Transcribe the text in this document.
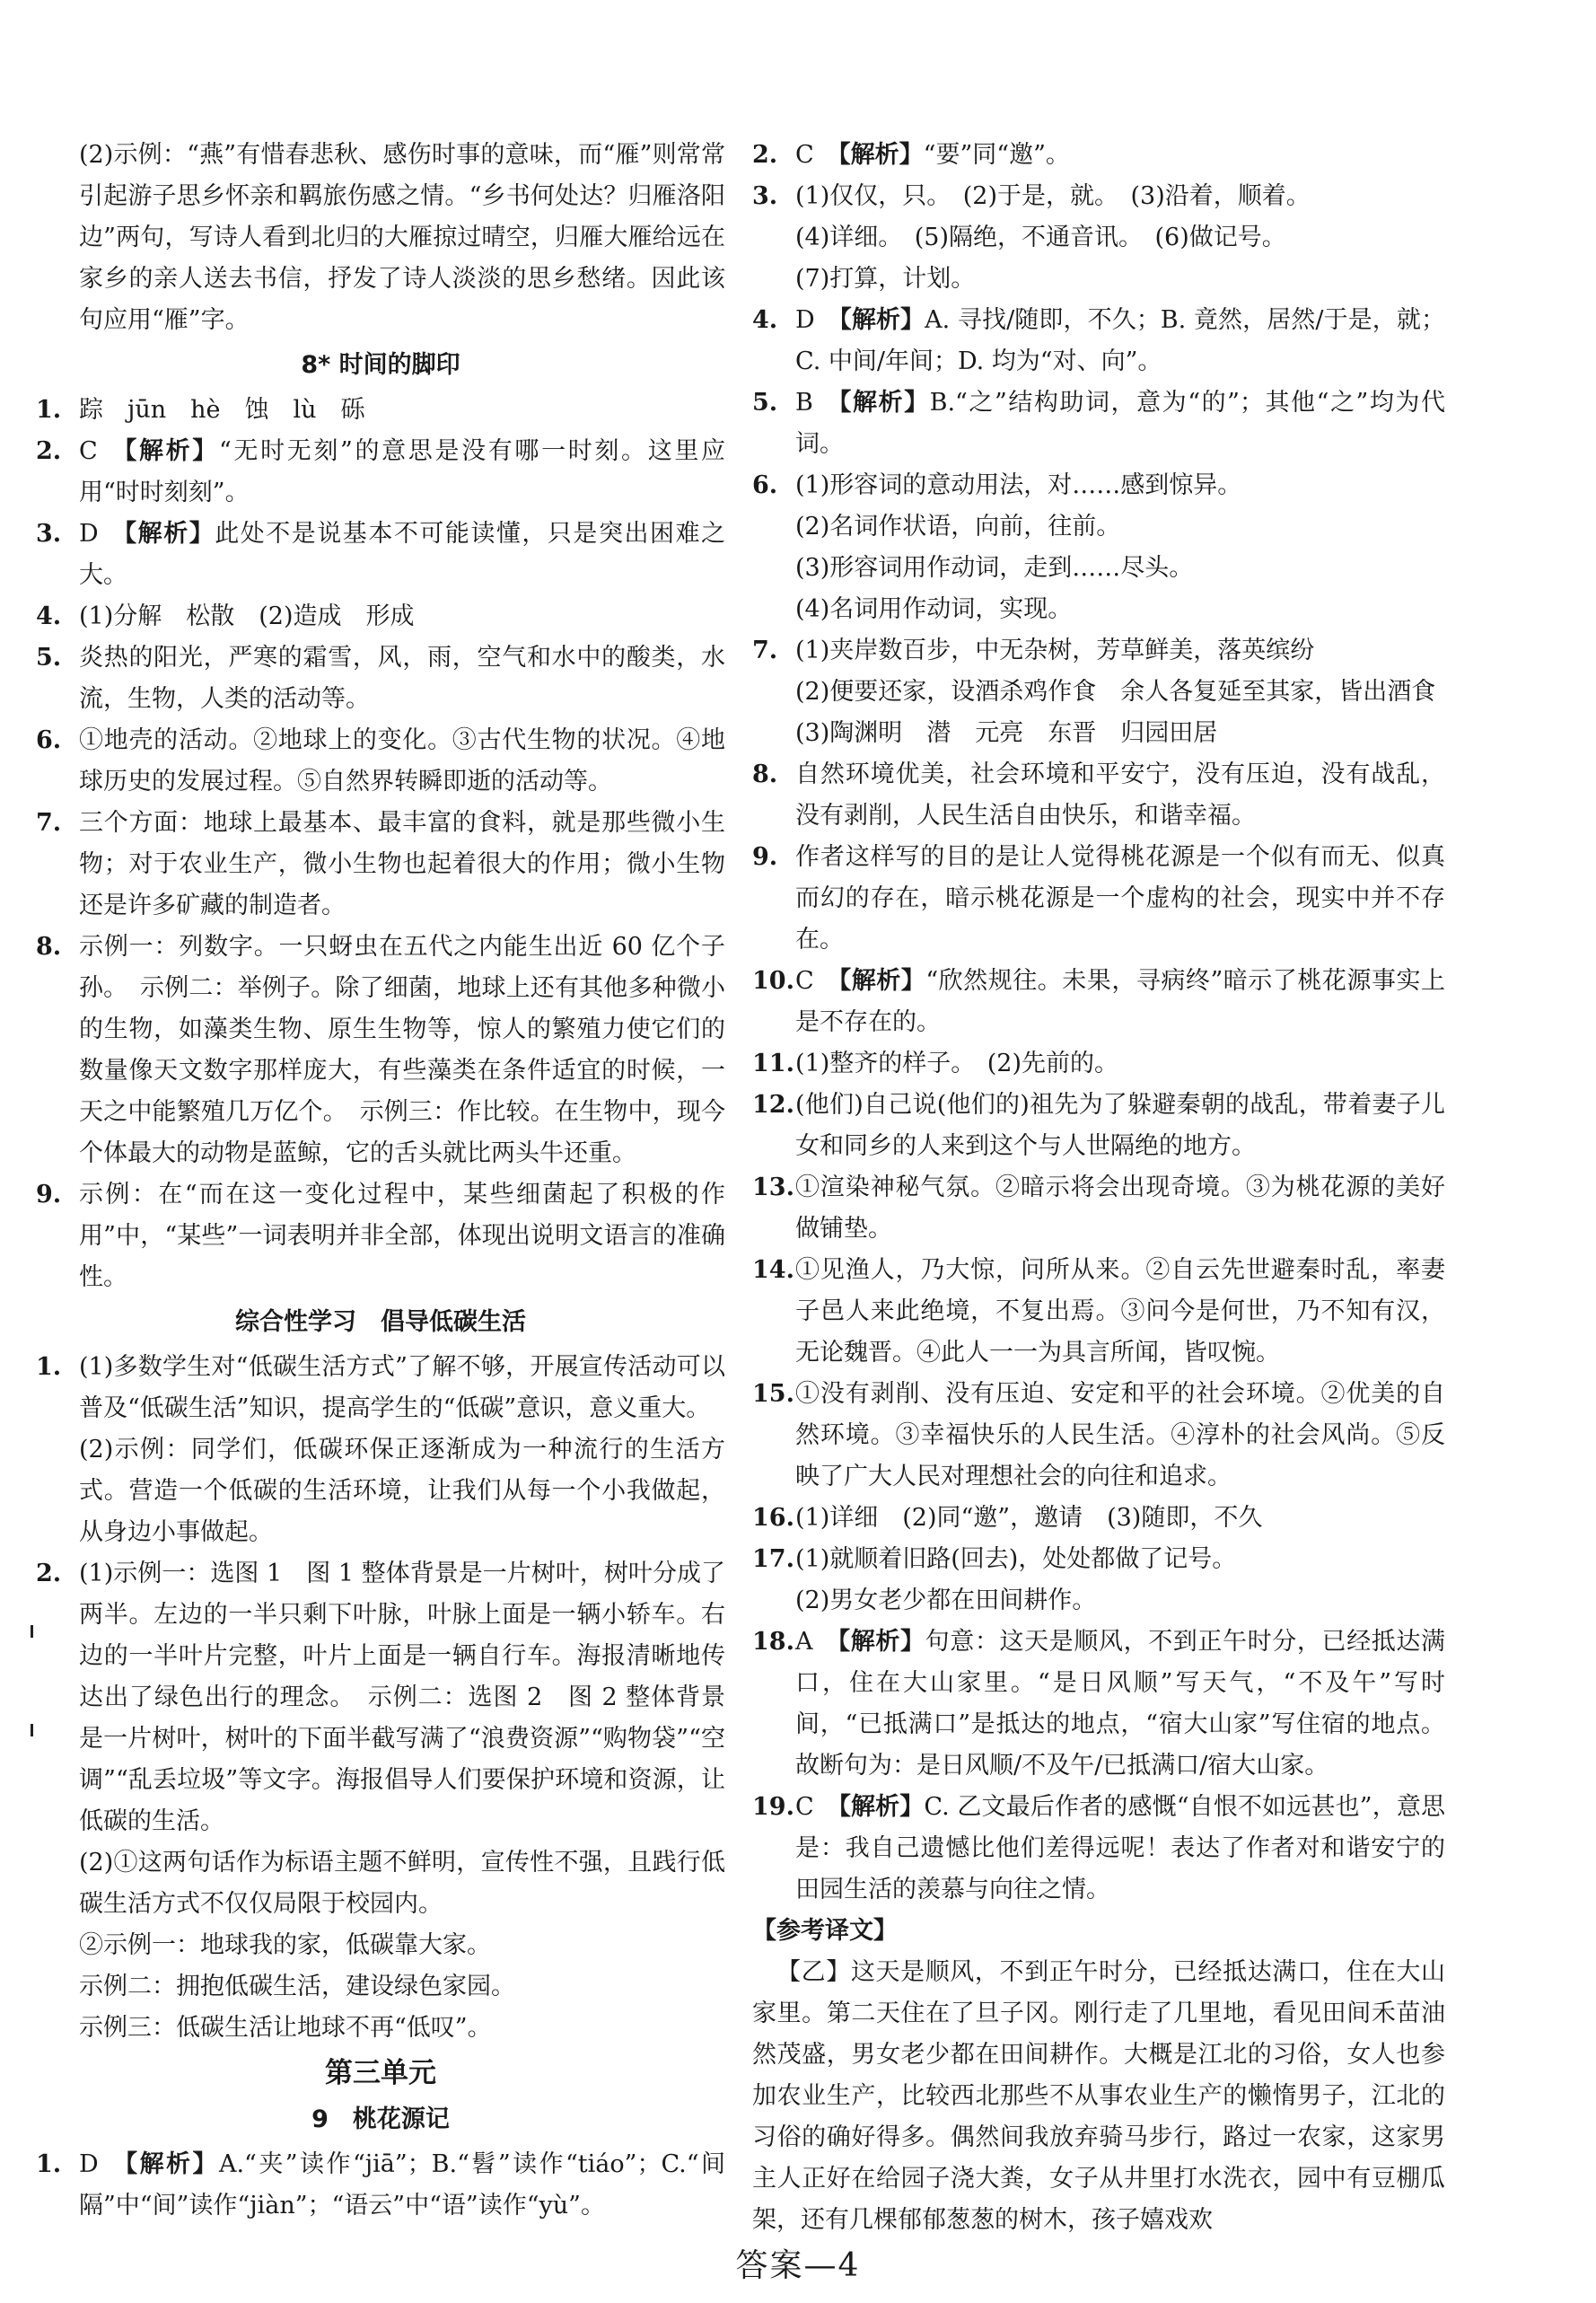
(2)示例：“燕”有惜春悲秋、感伤时事的意味，而“雁”则常常引起游子思乡怀亲和羁旅伤感之情。“乡书何处达？归雁洛阳边”两句，写诗人看到北归的大雁掠过晴空，归雁大雁给远在家乡的亲人送去书信，抒发了诗人淡淡的思乡愁绪。因此该句应用“雁”字。

8* 时间的脚印
1. 踪　jūn　hè　蚀　lù　砾
2. C 【解析】“无时无刻”的意思是没有哪一时刻。这里应用“时时刻刻”。
3. D 【解析】此处不是说基本不可能读懂，只是突出困难之大。
4. (1)分解　松散　(2)造成　形成
5. 炎热的阳光，严寒的霜雪，风，雨，空气和水中的酸类，水流，生物，人类的活动等。
6. ①地壳的活动。②地球上的变化。③古代生物的状况。④地球历史的发展过程。⑤自然界转瞬即逝的活动等。
7. 三个方面：地球上最基本、最丰富的食料，就是那些微小生物；对于农业生产，微小生物也起着很大的作用；微小生物还是许多矿藏的制造者。
8. 示例一：列数字。一只蚜虫在五代之内能生出近 60 亿个子孙。　示例二：举例子。除了细菌，地球上还有其他多种微小的生物，如藻类生物、原生生物等，惊人的繁殖力使它们的数量像天文数字那样庞大，有些藻类在条件适宜的时候，一天之中能繁殖几万亿个。　示例三：作比较。在生物中，现今个体最大的动物是蓝鲸，它的舌头就比两头牛还重。
9. 示例：在“而在这一变化过程中，某些细菌起了积极的作用”中，“某些”一词表明并非全部，体现出说明文语言的准确性。
综合性学习　倡导低碳生活
1. (1)多数学生对“低碳生活方式”了解不够，开展宣传活动可以普及“低碳生活”知识，提高学生的“低碳”意识，意义重大。

(2)示例：同学们，低碳环保正逐渐成为一种流行的生活方式。营造一个低碳的生活环境，让我们从每一个小我做起，从身边小事做起。

2. (1)示例一：选图 1　图 1 整体背景是一片树叶，树叶分成了两半。左边的一半只剩下叶脉，叶脉上面是一辆小轿车。右边的一半叶片完整，叶片上面是一辆自行车。海报清晰地传达出了绿色出行的理念。　示例二：选图 2　图 2 整体背景是一片树叶，树叶的下面半截写满了“浪费资源”“购物袋”“空调”“乱丢垃圾”等文字。海报倡导人们要保护环境和资源，让低碳的生活。

(2)①这两句话作为标语主题不鲜明，宣传性不强，且践行低碳生活方式不仅仅局限于校园内。

②示例一：地球我的家，低碳靠大家。

示例二：拥抱低碳生活，建设绿色家园。

示例三：低碳生活让地球不再“低叹”。

第三单元
9　桃花源记
1. D 【解析】A.“夹”读作“jiā”；B.“髫”读作“tiáo”；C.“间隔”中“间”读作“jiàn”；“语云”中“语”读作“yù”。
2. C 【解析】“要”同“邀”。
3. (1)仅仅，只。　(2)于是，就。　(3)沿着，顺着。

(4)详细。　(5)隔绝，不通音讯。　(6)做记号。

(7)打算，计划。

4. D 【解析】A. 寻找/随即，不久；B. 竟然，居然/于是，就；C. 中间/年间；D. 均为“对、向”。
5. B 【解析】B.“之”结构助词，意为“的”；其他“之”均为代词。
6. (1)形容词的意动用法，对……感到惊异。

(2)名词作状语，向前，往前。

(3)形容词用作动词，走到……尽头。

(4)名词用作动词，实现。

7. (1)夹岸数百步，中无杂树，芳草鲜美，落英缤纷

(2)便要还家，设酒杀鸡作食　余人各复延至其家，皆出酒食

(3)陶渊明　潜　元亮　东晋　归园田居

8. 自然环境优美，社会环境和平安宁，没有压迫，没有战乱，没有剥削，人民生活自由快乐，和谐幸福。
9. 作者这样写的目的是让人觉得桃花源是一个似有而无、似真而幻的存在，暗示桃花源是一个虚构的社会，现实中并不存在。
10. C 【解析】“欣然规往。未果，寻病终”暗示了桃花源事实上是不存在的。
11. (1)整齐的样子。　(2)先前的。
12. (他们)自己说(他们的)祖先为了躲避秦朝的战乱，带着妻子儿女和同乡的人来到这个与人世隔绝的地方。
13. ①渲染神秘气氛。②暗示将会出现奇境。③为桃花源的美好做铺垫。
14. ①见渔人，乃大惊，问所从来。②自云先世避秦时乱，率妻子邑人来此绝境，不复出焉。③问今是何世，乃不知有汉，无论魏晋。④此人一一为具言所闻，皆叹惋。
15. ①没有剥削、没有压迫、安定和平的社会环境。②优美的自然环境。③幸福快乐的人民生活。④淳朴的社会风尚。⑤反映了广大人民对理想社会的向往和追求。
16. (1)详细　(2)同“邀”，邀请　(3)随即，不久
17. (1)就顺着旧路(回去)，处处都做了记号。

(2)男女老少都在田间耕作。

18. A 【解析】句意：这天是顺风，不到正午时分，已经抵达满口，住在大山家里。“是日风顺”写天气，“不及午”写时间，“已抵满口”是抵达的地点，“宿大山家”写住宿的地点。故断句为：是日风顺/不及午/已抵满口/宿大山家。
19. C 【解析】C. 乙文最后作者的感慨“自恨不如远甚也”，意思是：我自己遗憾比他们差得远呢！表达了作者对和谐安宁的田园生活的羡慕与向往之情。
【参考译文】

【乙】这天是顺风，不到正午时分，已经抵达满口，住在大山家里。第二天住在了旦子冈。刚行走了几里地，看见田间禾苗油然茂盛，男女老少都在田间耕作。大概是江北的习俗，女人也参加农业生产，比较西北那些不从事农业生产的懒惰男子，江北的习俗的确好得多。偶然间我放弃骑马步行，路过一农家，这家男主人正好在给园子浇大粪，女子从井里打水洗衣，园中有豆棚瓜架，还有几棵郁郁葱葱的树木，孩子嬉戏欢

答案—4
